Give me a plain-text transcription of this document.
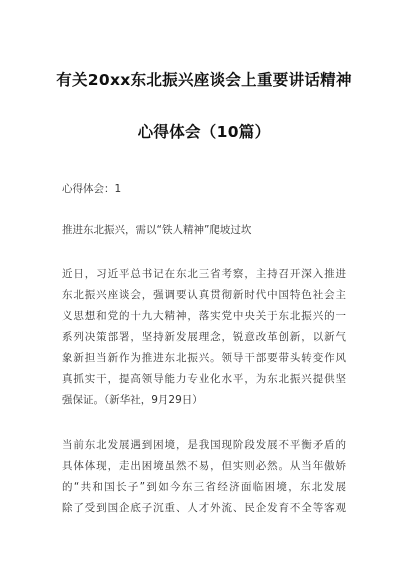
有关20xx东北振兴座谈会上重要讲话精神
心得体会（10篇）
心得体会：1
推进东北振兴，需以“铁人精神”爬坡过坎
近日，习近平总书记在东北三省考察，主持召开深入推进
东北振兴座谈会，强调要认真贯彻新时代中国特色社会主
义思想和党的十九大精神，落实党中央关于东北振兴的一
系列决策部署，坚持新发展理念，锐意改革创新，以新气
象新担当新作为推进东北振兴。领导干部要带头转变作风
真抓实干，提高领导能力专业化水平，为东北振兴提供坚
强保证。（新华社，9月29日）
当前东北发展遇到困境，是我国现阶段发展不平衡矛盾的
具体体现，走出困境虽然不易，但实则必然。从当年傲娇
的“共和国长子”到如今东三省经济面临困境，东北发展
除了受到国企底子沉重、人才外流、民企发育不全等客观
